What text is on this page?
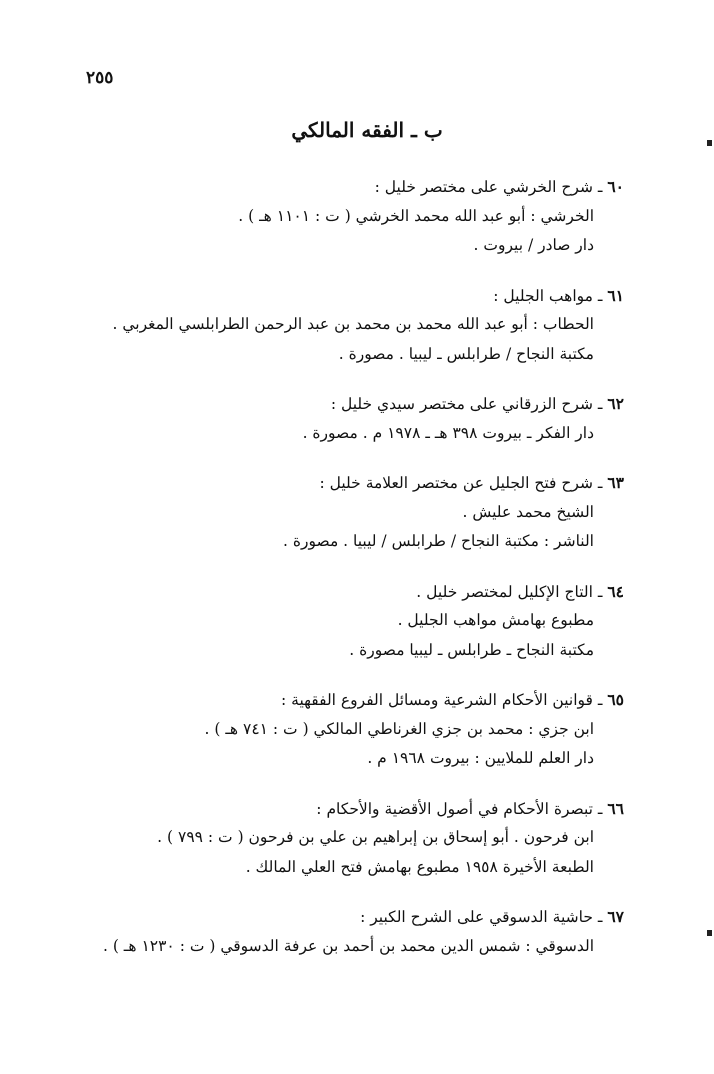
٢٥٥
ب ـ الفقه المالكي
٦٠ ـ شرح الخرشي على مختصر خليل :
الخرشي : أبو عبد الله محمد الخرشي ( ت : ١١٠١ هـ ) .
دار صادر / بيروت .
٦١ ـ مواهب الجليل :
الحطاب : أبو عبد الله محمد بن محمد بن عبد الرحمن الطرابلسي المغربي .
مكتبة النجاح / طرابلس ـ ليبيا . مصورة .
٦٢ ـ شرح الزرقاني على مختصر سيدي خليل :
دار الفكر ـ بيروت ٣٩٨ هـ ـ ١٩٧٨ م . مصورة .
٦٣ ـ شرح فتح الجليل عن مختصر العلامة خليل :
الشيخ محمد عليش .
الناشر : مكتبة النجاح / طرابلس / ليبيا . مصورة .
٦٤ ـ التاج الإكليل لمختصر خليل .
مطبوع بهامش مواهب الجليل .
مكتبة النجاح ـ طرابلس ـ ليبيا مصورة .
٦٥ ـ قوانين الأحكام الشرعية ومسائل الفروع الفقهية :
ابن جزي : محمد بن جزي الغرناطي المالكي ( ت : ٧٤١ هـ ) .
دار العلم للملايين : بيروت ١٩٦٨ م .
٦٦ ـ تبصرة الأحكام في أصول الأقضية والأحكام :
ابن فرحون . أبو إسحاق بن إبراهيم بن علي بن فرحون ( ت : ٧٩٩ ) .
الطبعة الأخيرة ١٩٥٨ مطبوع بهامش فتح العلي المالك .
٦٧ ـ حاشية الدسوقي على الشرح الكبير :
الدسوقي : شمس الدين محمد بن أحمد بن عرفة الدسوقي ( ت : ١٢٣٠ هـ ) .
